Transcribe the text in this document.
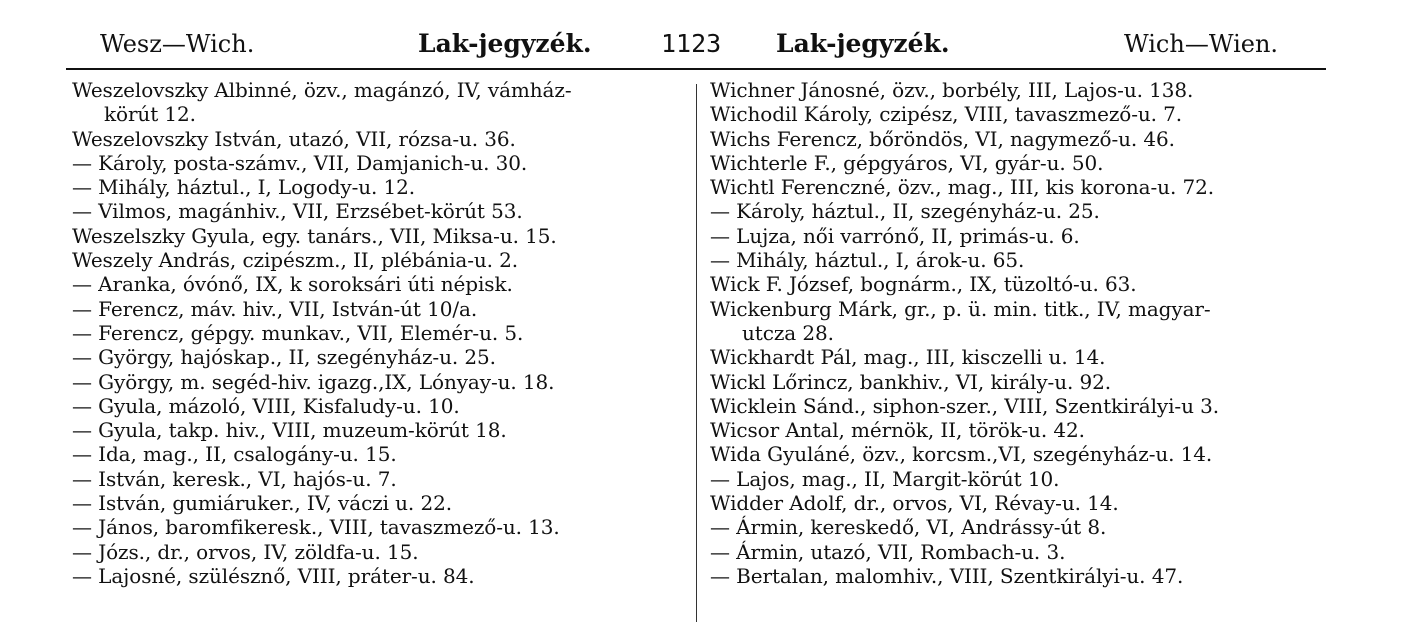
Wesz—Wich.	Lak-jegyzék.	1123 Lak-jegyzék.	Wich—Wien.
Weszelovszky Albinné, özv., magánzó, IV, vámház-
körút 12.
Weszelovszky István, utazó, VII, rózsa-u. 36.
— Károly, posta-számv., VII, Damjanich-u. 30.
— Mihály, háztul., I, Logody-u. 12.
— Vilmos, magánhiv., VII, Erzsébet-körút 53.
Weszelszky Gyula, egy. tanárs., VII, Miksa-u. 15.
Weszely András, czipészm., II, plébánia-u. 2.
— Aranka, óvónő, IX, k soroksári úti népisk.
— Ferencz, máv. hiv., VII, István-út 10/a.
— Ferencz, gépgy. munkav., VII, Elemér-u. 5.
— György, hajóskap., II, szegényház-u. 25.
— György, m. segéd-hiv. igazg.,IX, Lónyay-u. 18.
— Gyula, mázoló, VIII, Kisfaludy-u. 10.
— Gyula, takp. hiv., VIII, muzeum-körút 18.
— Ida, mag., II, csalogány-u. 15.
— István, keresk., VI, hajós-u. 7.
— István, gumiáruker., IV, váczi u. 22.
— János, baromfikeresk., VIII, tavaszmező-u. 13.
— Józs., dr., orvos, IV, zöldfa-u. 15.
— Lajosné, szülésznő, VIII, práter-u. 84.
Wichner Jánosné, özv., borbély, III, Lajos-u. 138.
Wichodil Károly, czipész, VIII, tavaszmező-u. 7.
Wichs Ferencz, bőröndös, VI, nagymező-u. 46.
Wichterle F., gépgyáros, VI, gyár-u. 50.
Wichtl Ferenczné, özv., mag., III, kis korona-u. 72.
— Károly, háztul., II, szegényház-u. 25.
— Lujza, női varrónő, II, primás-u. 6.
— Mihály, háztul., I, árok-u. 65.
Wick F. József, bognárm., IX, tüzoltó-u. 63.
Wickenburg Márk, gr., p. ü. min. titk., IV, magyar-
utcza 28.
Wickhardt Pál, mag., III, kisczelli u. 14.
Wickl Lőrincz, bankhiv., VI, király-u. 92.
Wicklein Sánd., siphon-szer., VIII, Szentkirályi-u 3.
Wicsor Antal, mérnök, II, török-u. 42.
Wida Gyuláné, özv., korcsm.,VI, szegényház-u. 14.
— Lajos, mag., II, Margit-körút 10.
Widder Adolf, dr., orvos, VI, Révay-u. 14.
— Ármin, kereskedő, VI, Andrássy-út 8.
— Ármin, utazó, VII, Rombach-u. 3.
— Bertalan, malomhiv., VIII, Szentkirályi-u. 47.
